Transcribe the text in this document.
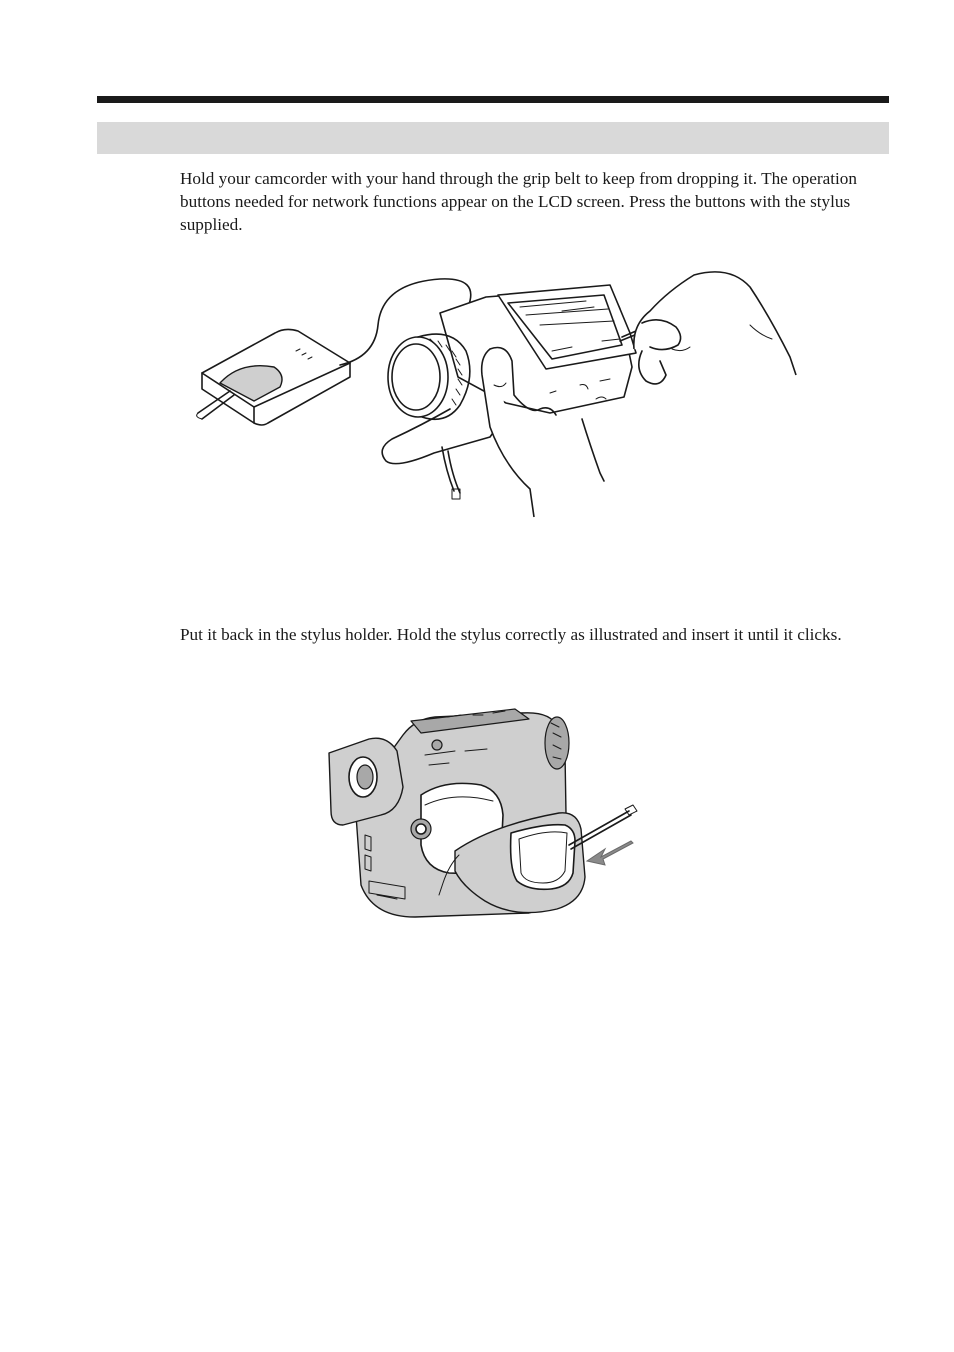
Hold your camcorder with your hand through the grip belt to keep from dropping it. The operation buttons needed for network functions appear on the LCD screen. Press the buttons with the stylus supplied.

Put it back in the stylus holder. Hold the stylus correctly as illustrated and insert it until it clicks.
